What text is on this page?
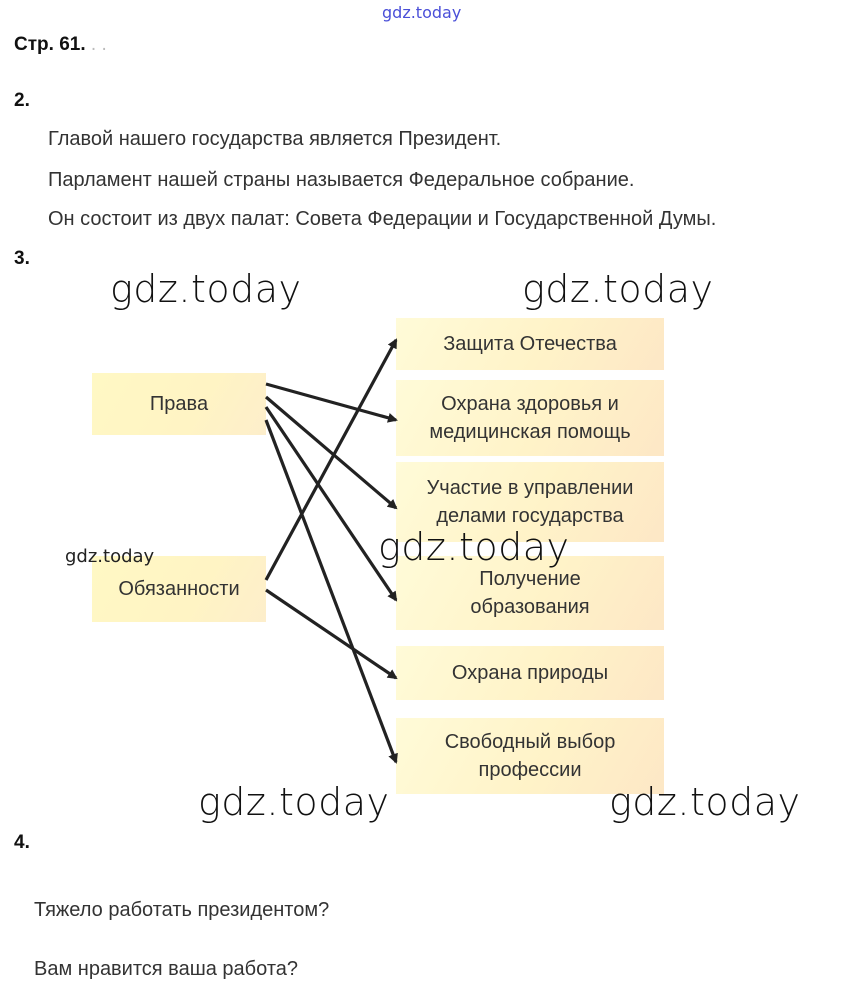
gdz.today
Стр. 61. . .
2.
Главой нашего государства является Президент.
Парламент нашей страны называется Федеральное собрание.
Он состоит из двух палат: Совета Федерации и Государственной Думы.
3.
gdz.today	gdz.today
Права
Обязанности
Защита Отечества
Охрана здоровья и
медицинская помощь
Участие в управлении
делами государства
Получение
образования
Охрана природы
Свободный выбор
профессии
gdz.today	gdz.today
gdz.today	gdz.today
4.
Тяжело работать президентом?
Вам нравится ваша работа?
